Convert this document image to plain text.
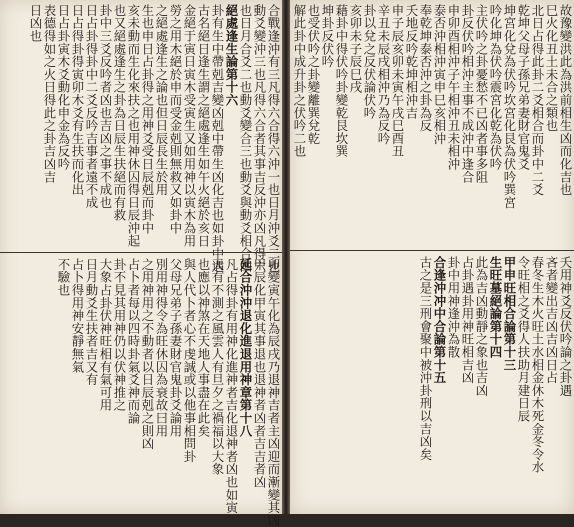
合戰逢沖有三凡得六合得六沖一也日月沖爻二也
動爻變沖三也凡得六合者其事吉反沖亦凶凡得六
也日月合爻二也動爻變合三也動爻與動爻相合四
絕處逢生論第十六
卦有生中帶剋吉變凶剋中帶生凶化吉也如卦中遇
古名絕日逢生謂之絕處逢生如午火絕於亥日
金絕于寅日寅木受寅生又如用神以寅木為用
勞之用木絕於申而受金剋則無救又如卦中
之絕處逢生之論也但日辰長生於用
生也申日占卦得之用神爻受日辰剋而卦中
亥未動而生化來扶之也用神休囚得日辰沖起
也又絕處逢生之卦為日辰生扶絕而有救
卦中三爻反吟者凶也吉凶之事不成也
日占卦得卦中二爻反吟吉事者遠不成
日占得卦得寅卯木爻有生扶而化出
日占卦寅木爻動化申金為反吟
表德得如之火日得此之卦吉凶吉
日凶也
卯變寅午化為辰戌乃退神吉者主凶迎而漸變其凶
甲辰化甲寅其事退也退神者凶者吉吉者凶
延合沖沖退化進退用神章第十八
凡占得卦有用神化進神者吉化退神者凶也如寅
天有不測之風雲人有旦夕之禍福以大象
也應以神煞在天地人事盡在此矣
與人代卜者心不虔誠或以他事相問卦
父母兄弟子孫妻財官鬼卦爻論用
別用神得令為旺休囚為衰故曰用
之用神用之不動者以日辰剋之則凶
占卜者每以四時卦氣爻神而論
卦不見其用神仍以伏神推之
大象占卦伏神旺相有氣可用
日月動爻生扶者吉又有
占卜得用神安靜無氣
不驗也
故豫變洪此為洪前相生凶而化吉也
巳火化丑土未合之類也
北日占得此卦二爻相合而卦中二爻
乾坤父母子孫兄弟妻財官鬼爻
坤宮化兌為伏吟坎宮化艮為伏吟巽宮
吟化坤為伏吟震宮化乾為伏吟
主伏吟之卦憂愁不已凶者事多阻
卦反伏吟相沖主事不成沖中逢合
申卯酉相沖子午相沖丑未相沖
泰否沖相沖寅申巳亥相沖
奉乾坤泰否沖之卦為反
夭地反吟乾坤相沖吉
申子辰亥卯未寅午戌巳酉丑
辛丑未辰戌相沖乃為反吟
卦以兌之反伏論伏吟
亥卯未子辰巳戌
藉卦中得伏吟卦變乾艮坎巽
坤卦反伏吟
也受伏吟之卦變離巽兌乾
解此卦中成升卦之伏吟二也
夭用神爻反伏吟論之卦遇
吝者變出吉凶吉凶日占
春冬生木火旺土水相金休木死金冬令水
令旺相之爻得人扶助月建日辰
甲申旺相合論第十三
生旺墓絕論第十四
此為吉凶動靜之象也吉凶
占卦遇卦用神旺相吉凶
卦中用神逢沖為散
合逢沖冲中合論第十五
古之是三刑會聚中被沖卦刑以吉凶矣
